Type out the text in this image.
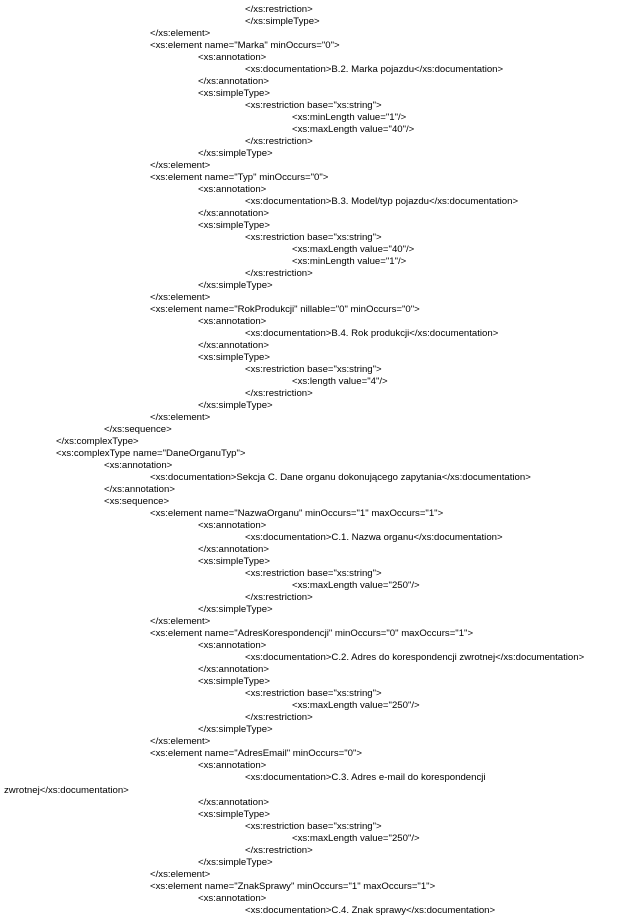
</xs:restriction>
</xs:simpleType>
</xs:element>
<xs:element name="Marka" minOccurs="0">
<xs:annotation>
<xs:documentation>B.2. Marka pojazdu</xs:documentation>
</xs:annotation>
<xs:simpleType>
<xs:restriction base="xs:string">
<xs:minLength value="1"/>
<xs:maxLength value="40"/>
</xs:restriction>
</xs:simpleType>
</xs:element>
<xs:element name="Typ" minOccurs="0">
<xs:annotation>
<xs:documentation>B.3. Model/typ pojazdu</xs:documentation>
</xs:annotation>
<xs:simpleType>
<xs:restriction base="xs:string">
<xs:maxLength value="40"/>
<xs:minLength value="1"/>
</xs:restriction>
</xs:simpleType>
</xs:element>
<xs:element name="RokProdukcji" nillable="0" minOccurs="0">
<xs:annotation>
<xs:documentation>B.4. Rok produkcji</xs:documentation>
</xs:annotation>
<xs:simpleType>
<xs:restriction base="xs:string">
<xs:length value="4"/>
</xs:restriction>
</xs:simpleType>
</xs:element>
</xs:sequence>
</xs:complexType>
<xs:complexType name="DaneOrganuTyp">
<xs:annotation>
<xs:documentation>Sekcja C. Dane organu dokonującego zapytania</xs:documentation>
</xs:annotation>
<xs:sequence>
<xs:element name="NazwaOrganu" minOccurs="1" maxOccurs="1">
<xs:annotation>
<xs:documentation>C.1. Nazwa organu</xs:documentation>
</xs:annotation>
<xs:simpleType>
<xs:restriction base="xs:string">
<xs:maxLength value="250"/>
</xs:restriction>
</xs:simpleType>
</xs:element>
<xs:element name="AdresKorespondencji" minOccurs="0" maxOccurs="1">
<xs:annotation>
<xs:documentation>C.2. Adres do korespondencji zwrotnej</xs:documentation>
</xs:annotation>
<xs:simpleType>
<xs:restriction base="xs:string">
<xs:maxLength value="250"/>
</xs:restriction>
</xs:simpleType>
</xs:element>
<xs:element name="AdresEmail" minOccurs="0">
<xs:annotation>
<xs:documentation>C.3. Adres e-mail do korespondencji
zwrotnej</xs:documentation>
</xs:annotation>
<xs:simpleType>
<xs:restriction base="xs:string">
<xs:maxLength value="250"/>
</xs:restriction>
</xs:simpleType>
</xs:element>
<xs:element name="ZnakSprawy" minOccurs="1" maxOccurs="1">
<xs:annotation>
<xs:documentation>C.4. Znak sprawy</xs:documentation>
